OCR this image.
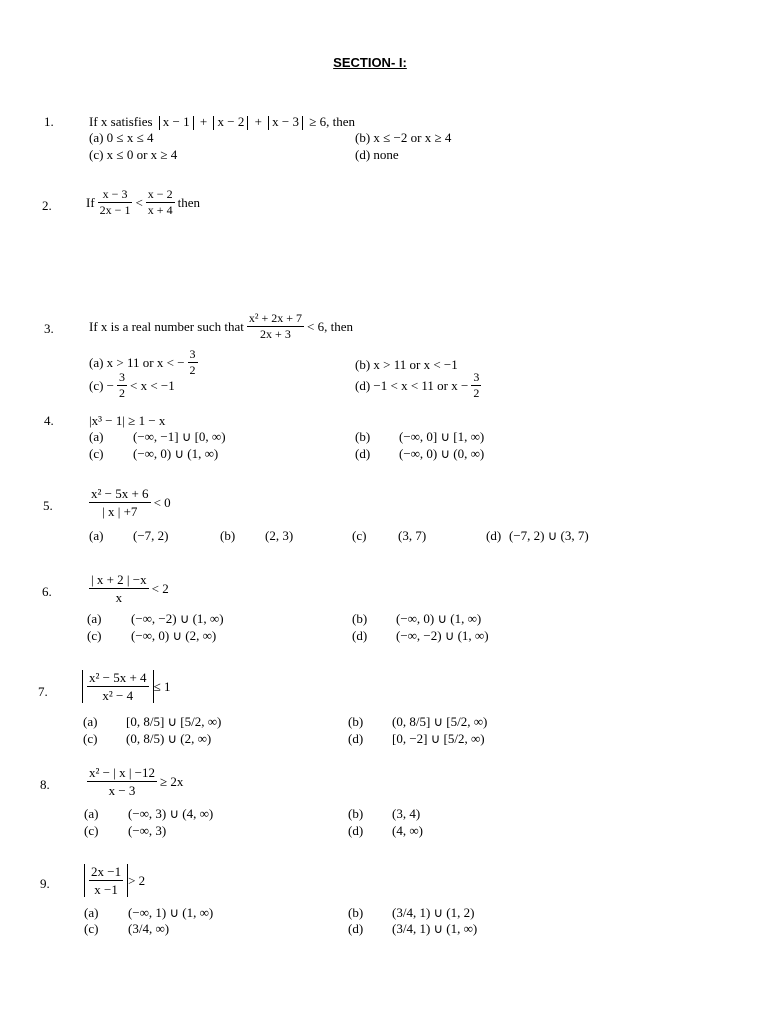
SECTION- I:
1.	If x satisfies x − 1 + x − 2 + x − 3 ≥ 6, then
(a) 0 ≤ x ≤ 4	(b) x ≤ −2 or x ≥ 4
(c) x ≤ 0 or x ≥ 4	(d) none
2.	If $\frac{x - 3}{2x - 1} < \frac{x - 2}{x + 4}$ then
3.	If x is a real number such that $\frac{\text{x² + 2x + 7}}{2x + 3} < 6$, then
(a) x > 11 or x < − $\frac{3}{2}$	(b) x > 11 or x < −1
$(c) - \frac{3}{2} < x < -1$	(d) −1 < x < 11 or $x - \frac{3}{2}$
4.	|x³ − 1| ≥ 1 − x
(a) (−∞, −1] ∪ [0, ∞)	(b) (−∞, 0] ∪ [1, ∞)
(c) (−∞, 0) ∪ (1, ∞)	(d) (−∞, 0) ∪ (0, ∞)
5.	$\frac{\text{x² − 5x + 6}}{| x | +7} < 0$
(a) (−7, 2)	(b) (2, 3)	(c) (3, 7)	(d) (−7, 2) ∪ (3, 7)
6.	$\frac{| x + 2 | -x}{x} < 2$
(a) (−∞, −2) ∪ (1, ∞)	(b) (−∞, 0) ∪ (1, ∞)
(c) (−∞, 0) ∪ (2, ∞)	(d) (−∞, −2) ∪ (1, ∞)
7.	$\frac{\text{x² − 5x + 4}}{\text{x² − 4}} \le 1$
(a) [0, 8/5] ∪ [5/2, ∞)	(b) (0, 8/5] ∪ [5/2, ∞)
(c) (0, 8/5) ∪ (2, ∞)	(d) [0, −2] ∪ [5/2, ∞)
8.	$\frac{\text{x² − | x | −12}}{x - 3} \ge 2x$
(a) (−∞, 3) ∪ (4, ∞)	(b) (3, 4)
(c) (−∞, 3)	(d) (4, ∞)
9.	$\frac{2x -1}{x -1} > 2$
(a) (−∞, 1) ∪ (1, ∞)	(b) (3/4, 1) ∪ (1, 2)
(c) (3/4, ∞)	(d) (3/4, 1) ∪ (1, ∞)
